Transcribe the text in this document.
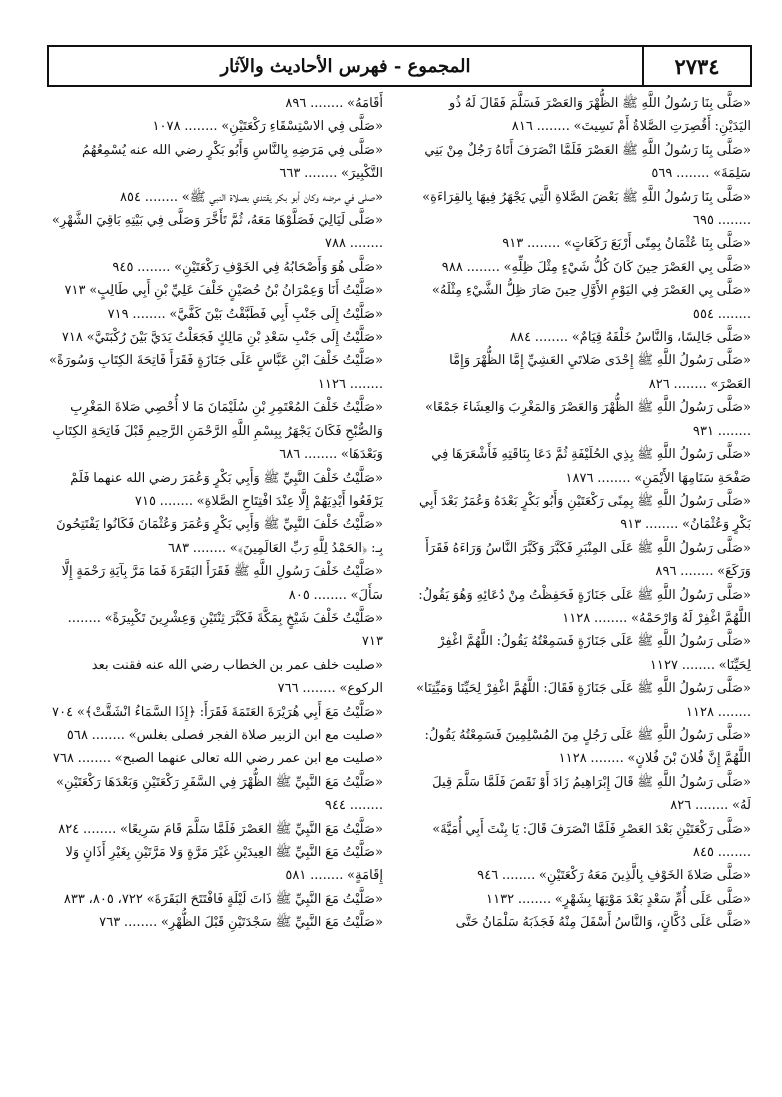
٢٧٣٤
المجموع - فهرس الأحاديث والآثار

«صَلَّى بِنَا رَسُولُ اللَّهِ ﷺ الظُّهْرَ وَالعَصْرَ فَسَلَّمَ فَقَالَ لَهُ ذُو اليَدَيْنِ: أَقُصِرَتِ الصَّلاةُ أَمْ نَسِيتَ» ........ ٨١٦

«صَلَّى بِنَا رَسُولُ اللَّهِ ﷺ العَصْرَ فَلَمَّا انْصَرَفَ أَتَاهُ رَجُلٌ مِنْ بَنِي سَلِمَةَ» ........ ٥٦٩

«صَلَّى بِنَا رَسُولُ اللَّهِ ﷺ بَعْضَ الصَّلاةِ الَّتِي يَجْهَرُ فِيهَا بِالقِرَاءَةِ» ........ ٦٩٥

«صَلَّى بِنَا عُثْمَانُ بِمِنًى أَرْبَعَ رَكَعَاتٍ» ........ ٩١٣

«صَلَّى بِي العَصْرَ حِينَ كَانَ كُلُّ شَيْءٍ مِثْلَ ظِلِّهِ» ........ ٩٨٨

«صَلَّى بِي العَصْرَ فِي اليَوْمِ الأَوَّلِ حِينَ صَارَ ظِلُّ الشَّيْءِ مِثْلَهُ» ........ ٥٥٤

«صَلَّى جَالِسًا، وَالنَّاسُ خَلْفَهُ قِيَامٌ» ........ ٨٨٤

«صَلَّى رَسُولُ اللَّهِ ﷺ إِحْدَى صَلاتَيِ العَشِيِّ إِمَّا الظُّهْرَ وَإِمَّا العَصْرَ» ........ ٨٢٦

«صَلَّى رَسُولُ اللَّهِ ﷺ الظُّهْرَ وَالعَصْرَ وَالمَغْرِبَ وَالعِشَاءَ جَمْعًا» ........ ٩٣١

«صَلَّى رَسُولُ اللَّهِ ﷺ بِذِي الحُلَيْفَةِ ثُمَّ دَعَا بِنَاقَتِهِ فَأَشْعَرَهَا فِي صَفْحَةِ سَنَامِهَا الأَيْمَنِ» ........ ١٨٧٦

«صَلَّى رَسُولُ اللَّهِ ﷺ بِمِنًى رَكْعَتَيْنِ وَأَبُو بَكْرٍ بَعْدَهُ وَعُمَرُ بَعْدَ أَبِي بَكْرٍ وَعُثْمَانُ» ........ ٩١٣

«صَلَّى رَسُولُ اللَّهِ ﷺ عَلَى المِنْبَرِ فَكَبَّرَ وَكَبَّرَ النَّاسُ وَرَاءَهُ فَقَرَأَ وَرَكَعَ» ........ ٨٩٦

«صَلَّى رَسُولُ اللَّهِ ﷺ عَلَى جَنَازَةٍ فَحَفِظْتُ مِنْ دُعَائِهِ وَهُوَ يَقُولُ: اللَّهُمَّ اغْفِرْ لَهُ وَارْحَمْهُ» ........ ١١٢٨

«صَلَّى رَسُولُ اللَّهِ ﷺ عَلَى جَنَازَةٍ فَسَمِعْتُهُ يَقُولُ: اللَّهُمَّ اغْفِرْ لِحَيِّنَا» ........ ١١٢٧

«صَلَّى رَسُولُ اللَّهِ ﷺ عَلَى جَنَازَةٍ فَقَالَ: اللَّهُمَّ اغْفِرْ لِحَيِّنَا وَمَيِّتِنَا» ........ ١١٢٨

«صَلَّى رَسُولُ اللَّهِ ﷺ عَلَى رَجُلٍ مِنَ المُسْلِمِينَ فَسَمِعْتُهُ يَقُولُ: اللَّهُمَّ إِنَّ فُلانَ بْنَ فُلانٍ» ........ ١١٢٨

«صَلَّى رَسُولُ اللَّهِ ﷺ قَالَ إِبْرَاهِيمُ زَادَ أَوْ نَقَصَ فَلَمَّا سَلَّمَ قِيلَ لَهُ» ........ ٨٢٦

«صَلَّى رَكْعَتَيْنِ بَعْدَ العَصْرِ فَلَمَّا انْصَرَفَ قَالَ: يَا بِنْتَ أَبِي أُمَيَّةَ» ........ ٨٤٥

«صَلَّى صَلاةَ الخَوْفِ بِالَّذِينَ مَعَهُ رَكْعَتَيْنِ» ........ ٩٤٦

«صَلَّى عَلَى أُمِّ سَعْدٍ بَعْدَ مَوْتِهَا بِشَهْرٍ» ........ ١١٣٢

«صَلَّى عَلَى دُكَّانٍ، وَالنَّاسُ أَسْفَلَ مِنْهُ فَجَذَبَهُ سَلْمَانُ حَتَّى

أَقَامَهُ» ........ ٨٩٦

«صَلَّى فِي الاسْتِسْقَاءِ رَكْعَتَيْنِ» ........ ١٠٧٨

«صَلَّى فِي مَرَضِهِ بِالنَّاسِ وَأَبُو بَكْرٍ رضي الله عنه يُسْمِعُهُمُ التَّكْبِيرَ» ........ ٦٦٣

«صلى في مرضه وكان أبو بكر يقتدي بصلاة النبي ﷺ» ........ ٨٥٤

«صَلَّى لَيَالِيَ فَصَلَّوْهَا مَعَهُ، ثُمَّ تَأَخَّرَ وَصَلَّى فِي بَيْتِهِ بَاقِيَ الشَّهْرِ» ........ ٧٨٨

«صَلَّى هُوَ وَأَصْحَابُهُ فِي الخَوْفِ رَكْعَتَيْنِ» ........ ٩٤٥

«صَلَّيْتُ أَنَا وَعِمْرَانُ بْنُ حُصَيْنٍ خَلْفَ عَلِيِّ بْنِ أَبِي طَالِبٍ» ٧١٣

«صَلَّيْتُ إِلَى جَنْبِ أَبِي فَطَبَّقْتُ بَيْنَ كَفَّيَّ» ........ ٧١٩

«صَلَّيْتُ إِلَى جَنْبِ سَعْدِ بْنِ مَالِكٍ فَجَعَلْتُ يَدَيَّ بَيْنَ رُكْبَتَيَّ» ٧١٨

«صَلَّيْتُ خَلْفَ ابْنِ عَبَّاسٍ عَلَى جَنَازَةٍ فَقَرَأَ فَاتِحَةَ الكِتَابِ وَسُورَةً» ........ ١١٢٦

«صَلَّيْتُ خَلْفَ المُعْتَمِرِ بْنِ سُلَيْمَانَ مَا لا أُحْصِي صَلاةَ المَغْرِبِ وَالصُّبْحِ فَكَانَ يَجْهَرُ بِبِسْمِ اللَّهِ الرَّحْمَنِ الرَّحِيمِ قَبْلَ فَاتِحَةِ الكِتَابِ وَبَعْدَهَا» ........ ٦٨٦

«صَلَّيْتُ خَلْفَ النَّبِيِّ ﷺ وَأَبِي بَكْرٍ وَعُمَرَ رضي الله عنهما فَلَمْ يَرْفَعُوا أَيْدِيَهُمْ إِلَّا عِنْدَ افْتِتَاحِ الصَّلاةِ» ........ ٧١٥

«صَلَّيْتُ خَلْفَ النَّبِيِّ ﷺ وَأَبِي بَكْرٍ وَعُمَرَ وَعُثْمَانَ فَكَانُوا يَفْتَتِحُونَ بِـ: ﴿الحَمْدُ لِلَّهِ رَبِّ العَالَمِينَ﴾» ........ ٦٨٣

«صَلَّيْتُ خَلْفَ رَسُولِ اللَّهِ ﷺ فَقَرَأَ البَقَرَةَ فَمَا مَرَّ بِآيَةِ رَحْمَةٍ إِلَّا سَأَلَ» ........ ٨٠٥

«صَلَّيْتُ خَلْفَ شَيْخٍ بِمَكَّةَ فَكَبَّرَ ثِنْتَيْنِ وَعِشْرِينَ تَكْبِيرَةً» ........ ٧١٣

«صليت خلف عمر بن الخطاب رضي الله عنه فقنت بعد الركوع» ........ ٧٦٦

«صَلَّيْتُ مَعَ أَبِي هُرَيْرَةَ العَتَمَةَ فَقَرَأَ: ﴿إِذَا السَّمَاءُ انْشَقَّتْ﴾» ٧٠٤

«صليت مع ابن الزبير صلاة الفجر فصلى بغلس» ........ ٥٦٨

«صليت مع ابن عمر رضي الله تعالى عنهما الصبح» ........ ٧٦٨

«صَلَّيْتُ مَعَ النَّبِيِّ ﷺ الظُّهْرَ فِي السَّفَرِ رَكْعَتَيْنِ وَبَعْدَهَا رَكْعَتَيْنِ» ........ ٩٤٤

«صَلَّيْتُ مَعَ النَّبِيِّ ﷺ العَصْرَ فَلَمَّا سَلَّمَ قَامَ سَرِيعًا» ........ ٨٢٤

«صَلَّيْتُ مَعَ النَّبِيِّ ﷺ العِيدَيْنِ غَيْرَ مَرَّةٍ وَلا مَرَّتَيْنِ بِغَيْرِ أَذَانٍ وَلا إِقَامَةٍ» ........ ٥٨١

«صَلَّيْتُ مَعَ النَّبِيِّ ﷺ ذَاتَ لَيْلَةٍ فَافْتَتَحَ البَقَرَةَ» ٧٢٢، ٨٠٥، ٨٣٣

«صَلَّيْتُ مَعَ النَّبِيِّ ﷺ سَجْدَتَيْنِ قَبْلَ الظُّهْرِ» ........ ٧٦٣
